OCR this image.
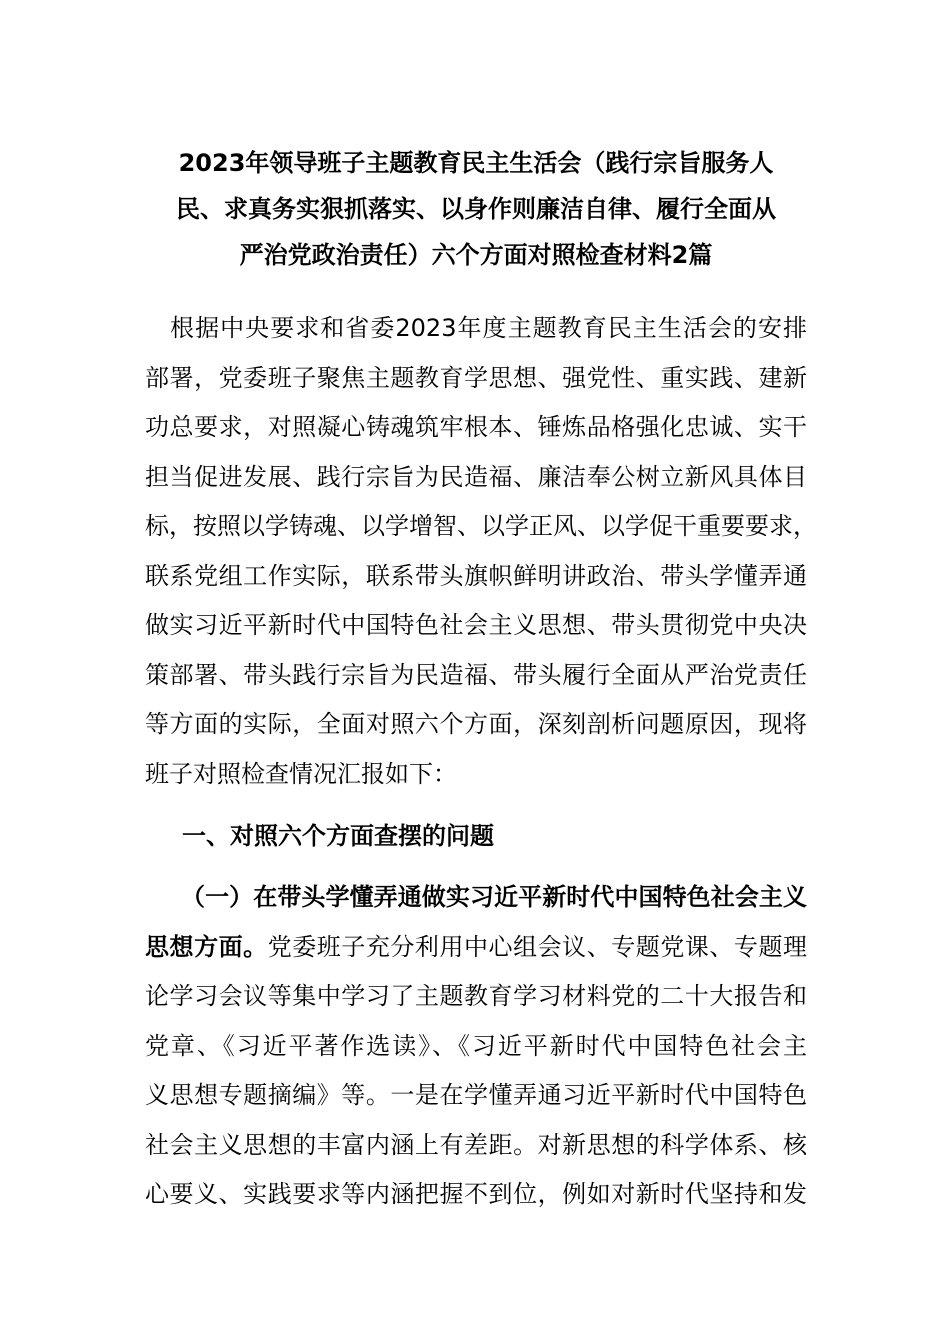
2023年领导班子主题教育民主生活会（践行宗旨服务人
民、求真务实狠抓落实、以身作则廉洁自律、履行全面从
严治党政治责任）六个方面对照检查材料2篇

　根据中央要求和省委2023年度主题教育民主生活会的安排
部署，党委班子聚焦主题教育学思想、强党性、重实践、建新
功总要求，对照凝心铸魂筑牢根本、锤炼品格强化忠诚、实干
担当促进发展、践行宗旨为民造福、廉洁奉公树立新风具体目
标，按照以学铸魂、以学增智、以学正风、以学促干重要要求，
联系党组工作实际，联系带头旗帜鲜明讲政治、带头学懂弄通
做实习近平新时代中国特色社会主义思想、带头贯彻党中央决
策部署、带头践行宗旨为民造福、带头履行全面从严治党责任
等方面的实际，全面对照六个方面，深刻剖析问题原因，现将
班子对照检查情况汇报如下：

一、对照六个方面查摆的问题

（一）在带头学懂弄通做实习近平新时代中国特色社会主义
思想方面。党委班子充分利用中心组会议、专题党课、专题理
论学习会议等集中学习了主题教育学习材料党的二十大报告和
党章、《习近平著作选读》、《习近平新时代中国特色社会主
义思想专题摘编》等。一是在学懂弄通习近平新时代中国特色
社会主义思想的丰富内涵上有差距。对新思想的科学体系、核
心要义、实践要求等内涵把握不到位，例如对新时代坚持和发
